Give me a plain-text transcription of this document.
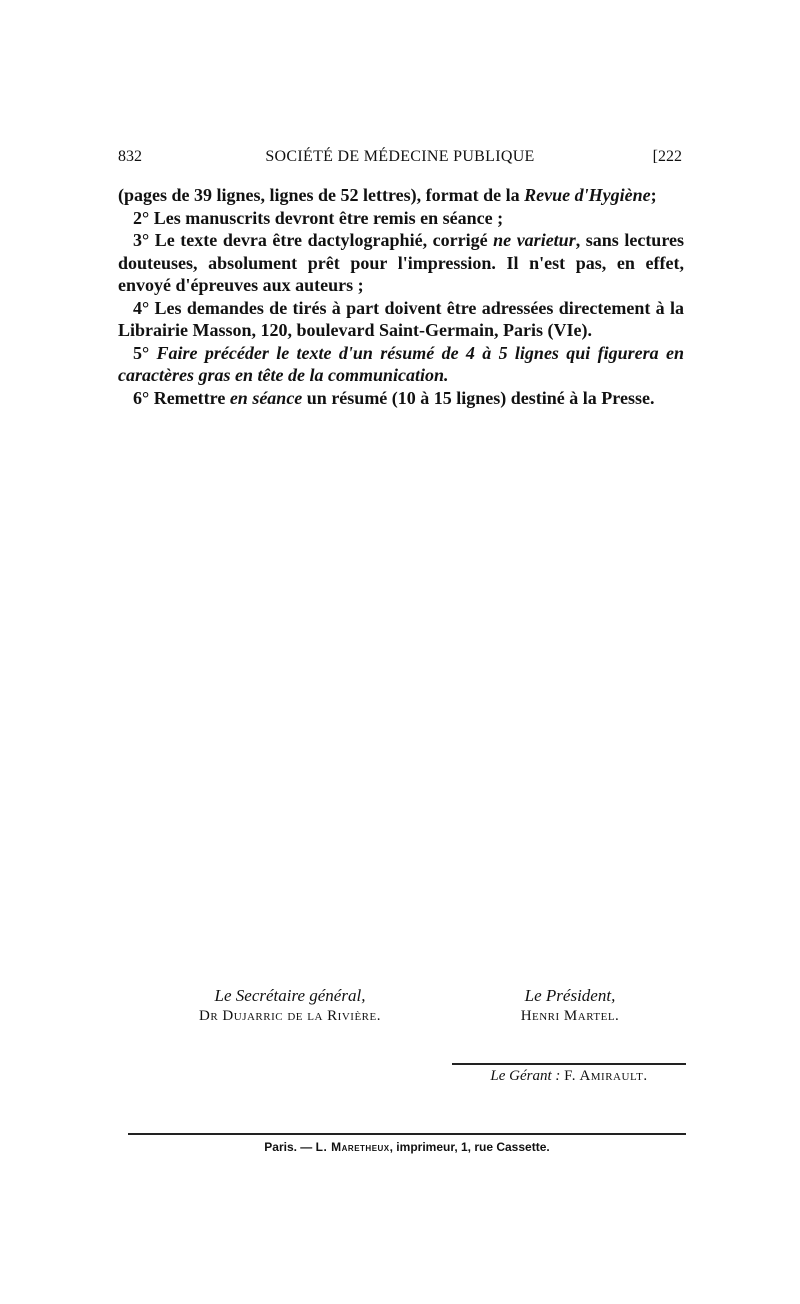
832	SOCIÉTÉ DE MÉDECINE PUBLIQUE	[222

(pages de 39 lignes, lignes de 52 lettres), format de la Revue d'Hygiène;

2° Les manuscrits devront être remis en séance ;

3° Le texte devra être dactylographié, corrigé ne varietur, sans lectures douteuses, absolument prêt pour l'impression. Il n'est pas, en effet, envoyé d'épreuves aux auteurs ;

4° Les demandes de tirés à part doivent être adressées directement à la Librairie Masson, 120, boulevard Saint-Germain, Paris (VIe).

5° Faire précéder le texte d'un résumé de 4 à 5 lignes qui figurera en caractères gras en tête de la communication.

6° Remettre en séance un résumé (10 à 15 lignes) destiné à la Presse.

Le Secrétaire général,
Dr Dujarric de la Rivière.
Le Président,
Henri Martel.
Le Gérant : F. Amirault.
Paris. — L. Maretheux, imprimeur, 1, rue Cassette.
